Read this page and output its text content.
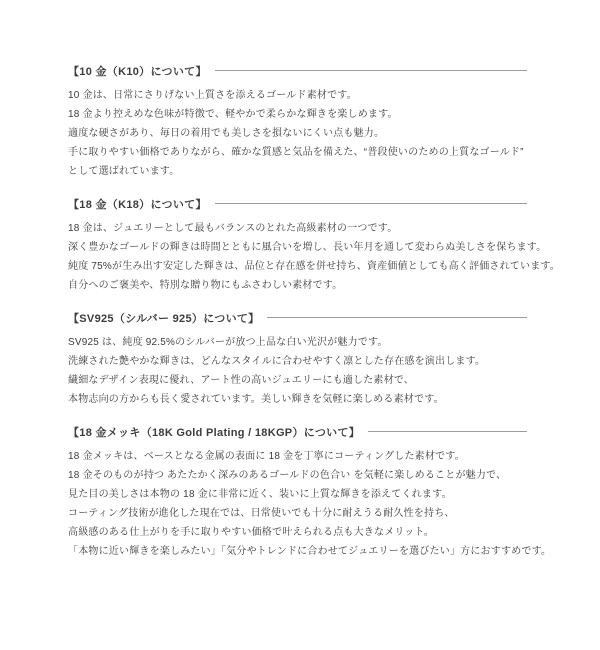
【10 金（K10）について】

10 金は、日常にさりげない上質さを添えるゴールド素材です。

18 金より控えめな色味が特徴で、軽やかで柔らかな輝きを楽しめます。

適度な硬さがあり、毎日の着用でも美しさを損ないにくい点も魅力。

手に取りやすい価格でありながら、確かな質感と気品を備えた、“普段使いのための上質なゴールド”

として選ばれています。

【18 金（K18）について】

18 金は、ジュエリーとして最もバランスのとれた高級素材の一つです。

深く豊かなゴールドの輝きは時間とともに風合いを増し、長い年月を通して変わらぬ美しさを保ちます。

純度 75%が生み出す安定した輝きは、品位と存在感を併せ持ち、資産価値としても高く評価されています。

自分へのご褒美や、特別な贈り物にもふさわしい素材です。

【SV925（シルバー 925）について】

SV925 は、純度 92.5%のシルバーが放つ上品な白い光沢が魅力です。

洗練された艶やかな輝きは、どんなスタイルに合わせやすく凛とした存在感を演出します。

繊細なデザイン表現に優れ、アート性の高いジュエリーにも適した素材で、

本物志向の方からも長く愛されています。美しい輝きを気軽に楽しめる素材です。

【18 金メッキ（18K Gold Plating / 18KGP）について】

18 金メッキは、ベースとなる金属の表面に 18 金を丁寧にコーティングした素材です。

18 金そのものが持つ あたたかく深みのあるゴールドの色合い を気軽に楽しめることが魅力で、

見た目の美しさは本物の 18 金に非常に近く、装いに上質な輝きを添えてくれます。

コーティング技術が進化した現在では、日常使いでも十分に耐えうる耐久性を持ち、

高級感のある仕上がりを手に取りやすい価格で叶えられる点も大きなメリット。

「本物に近い輝きを楽しみたい」「気分やトレンドに合わせてジュエリーを選びたい」方におすすめです。
